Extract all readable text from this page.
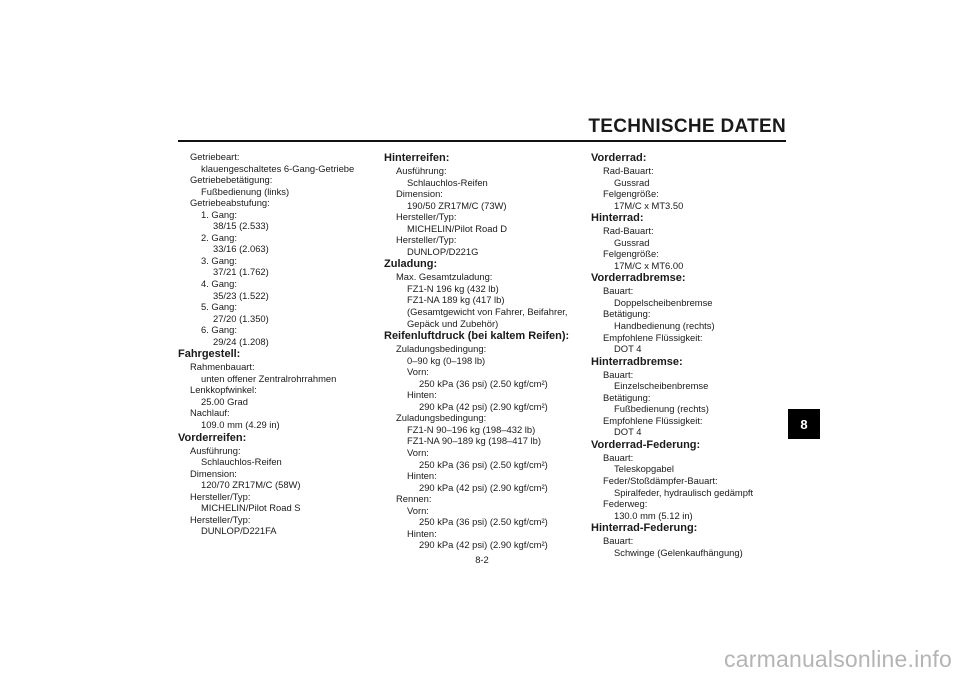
TECHNISCHE DATEN
Getriebeart:
klauengeschaltetes 6-Gang-Getriebe
Getriebebetätigung:
Fußbedienung (links)
Getriebeabstufung:
1. Gang:
38/15 (2.533)
2. Gang:
33/16 (2.063)
3. Gang:
37/21 (1.762)
4. Gang:
35/23 (1.522)
5. Gang:
27/20 (1.350)
6. Gang:
29/24 (1.208)
Fahrgestell:
Rahmenbauart:
unten offener Zentralrohrrahmen
Lenkkopfwinkel:
25.00 Grad
Nachlauf:
109.0 mm (4.29 in)
Vorderreifen:
Ausführung:
Schlauchlos-Reifen
Dimension:
120/70 ZR17M/C (58W)
Hersteller/Typ:
MICHELIN/Pilot Road S
Hersteller/Typ:
DUNLOP/D221FA
Hinterreifen:
Ausführung:
Schlauchlos-Reifen
Dimension:
190/50 ZR17M/C (73W)
Hersteller/Typ:
MICHELIN/Pilot Road D
Hersteller/Typ:
DUNLOP/D221G
Zuladung:
Max. Gesamtzuladung:
FZ1-N 196 kg (432 lb)
FZ1-NA 189 kg (417 lb)
(Gesamtgewicht von Fahrer, Beifahrer,
Gepäck und Zubehör)
Reifenluftdruck (bei kaltem Reifen):
Zuladungsbedingung:
0–90 kg (0–198 lb)
Vorn:
250 kPa (36 psi) (2.50 kgf/cm²)
Hinten:
290 kPa (42 psi) (2.90 kgf/cm²)
Zuladungsbedingung:
FZ1-N 90–196 kg (198–432 lb)
FZ1-NA 90–189 kg (198–417 lb)
Vorn:
250 kPa (36 psi) (2.50 kgf/cm²)
Hinten:
290 kPa (42 psi) (2.90 kgf/cm²)
Rennen:
Vorn:
250 kPa (36 psi) (2.50 kgf/cm²)
Hinten:
290 kPa (42 psi) (2.90 kgf/cm²)
Vorderrad:
Rad-Bauart:
Gussrad
Felgengröße:
17M/C x MT3.50
Hinterrad:
Rad-Bauart:
Gussrad
Felgengröße:
17M/C x MT6.00
Vorderradbremse:
Bauart:
Doppelscheibenbremse
Betätigung:
Handbedienung (rechts)
Empfohlene Flüssigkeit:
DOT 4
Hinterradbremse:
Bauart:
Einzelscheibenbremse
Betätigung:
Fußbedienung (rechts)
Empfohlene Flüssigkeit:
DOT 4
Vorderrad-Federung:
Bauart:
Teleskopgabel
Feder/Stoßdämpfer-Bauart:
Spiralfeder, hydraulisch gedämpft
Federweg:
130.0 mm (5.12 in)
Hinterrad-Federung:
Bauart:
Schwinge (Gelenkaufhängung)
8-2
8
carmanualsonline.info
